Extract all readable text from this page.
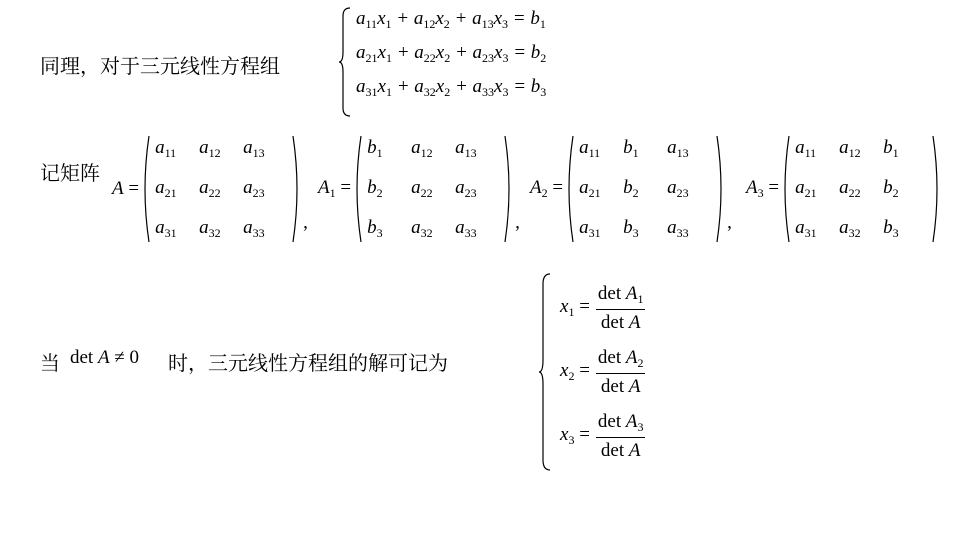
同理，对于三元线性方程组
$a_{11}x_1 + a_{12}x_2 + a_{13}x_3 = b_1$
$a_{21}x_1 + a_{22}x_2 + a_{23}x_3 = b_2$
$a_{31}x_1 + a_{32}x_2 + a_{33}x_3 = b_3$
记矩阵
A =
$a_{11}$	$a_{12}$	$a_{13}$
$a_{21}$	$a_{22}$	$a_{23}$
$a_{31}$	$a_{32}$	$a_{33}$	,
$A_1$ =
$b_1$	$a_{12}$	$a_{13}$
$b_2$	$a_{22}$	$a_{23}$
$b_3$	$a_{32}$	$a_{33}$	,
$A_2$ =
$a_{11}$	$b_1$	$a_{13}$
$a_{21}$	$b_2$	$a_{23}$
$a_{31}$	$b_3$	$a_{33}$	,
$A_3$ =
$a_{11}$	$a_{12}$	$b_1$
$a_{21}$	$a_{22}$	$b_2$
$a_{31}$	$a_{32}$	$b_3$
当 det A ≠ 0 时，三元线性方程组的解可记为
$x_1 = \frac{\det A_1}{\text{det A}}$
$x_2 = \frac{\det A_2}{\text{det A}}$
$x_3 = \frac{\det A_3}{\text{det A}}$
